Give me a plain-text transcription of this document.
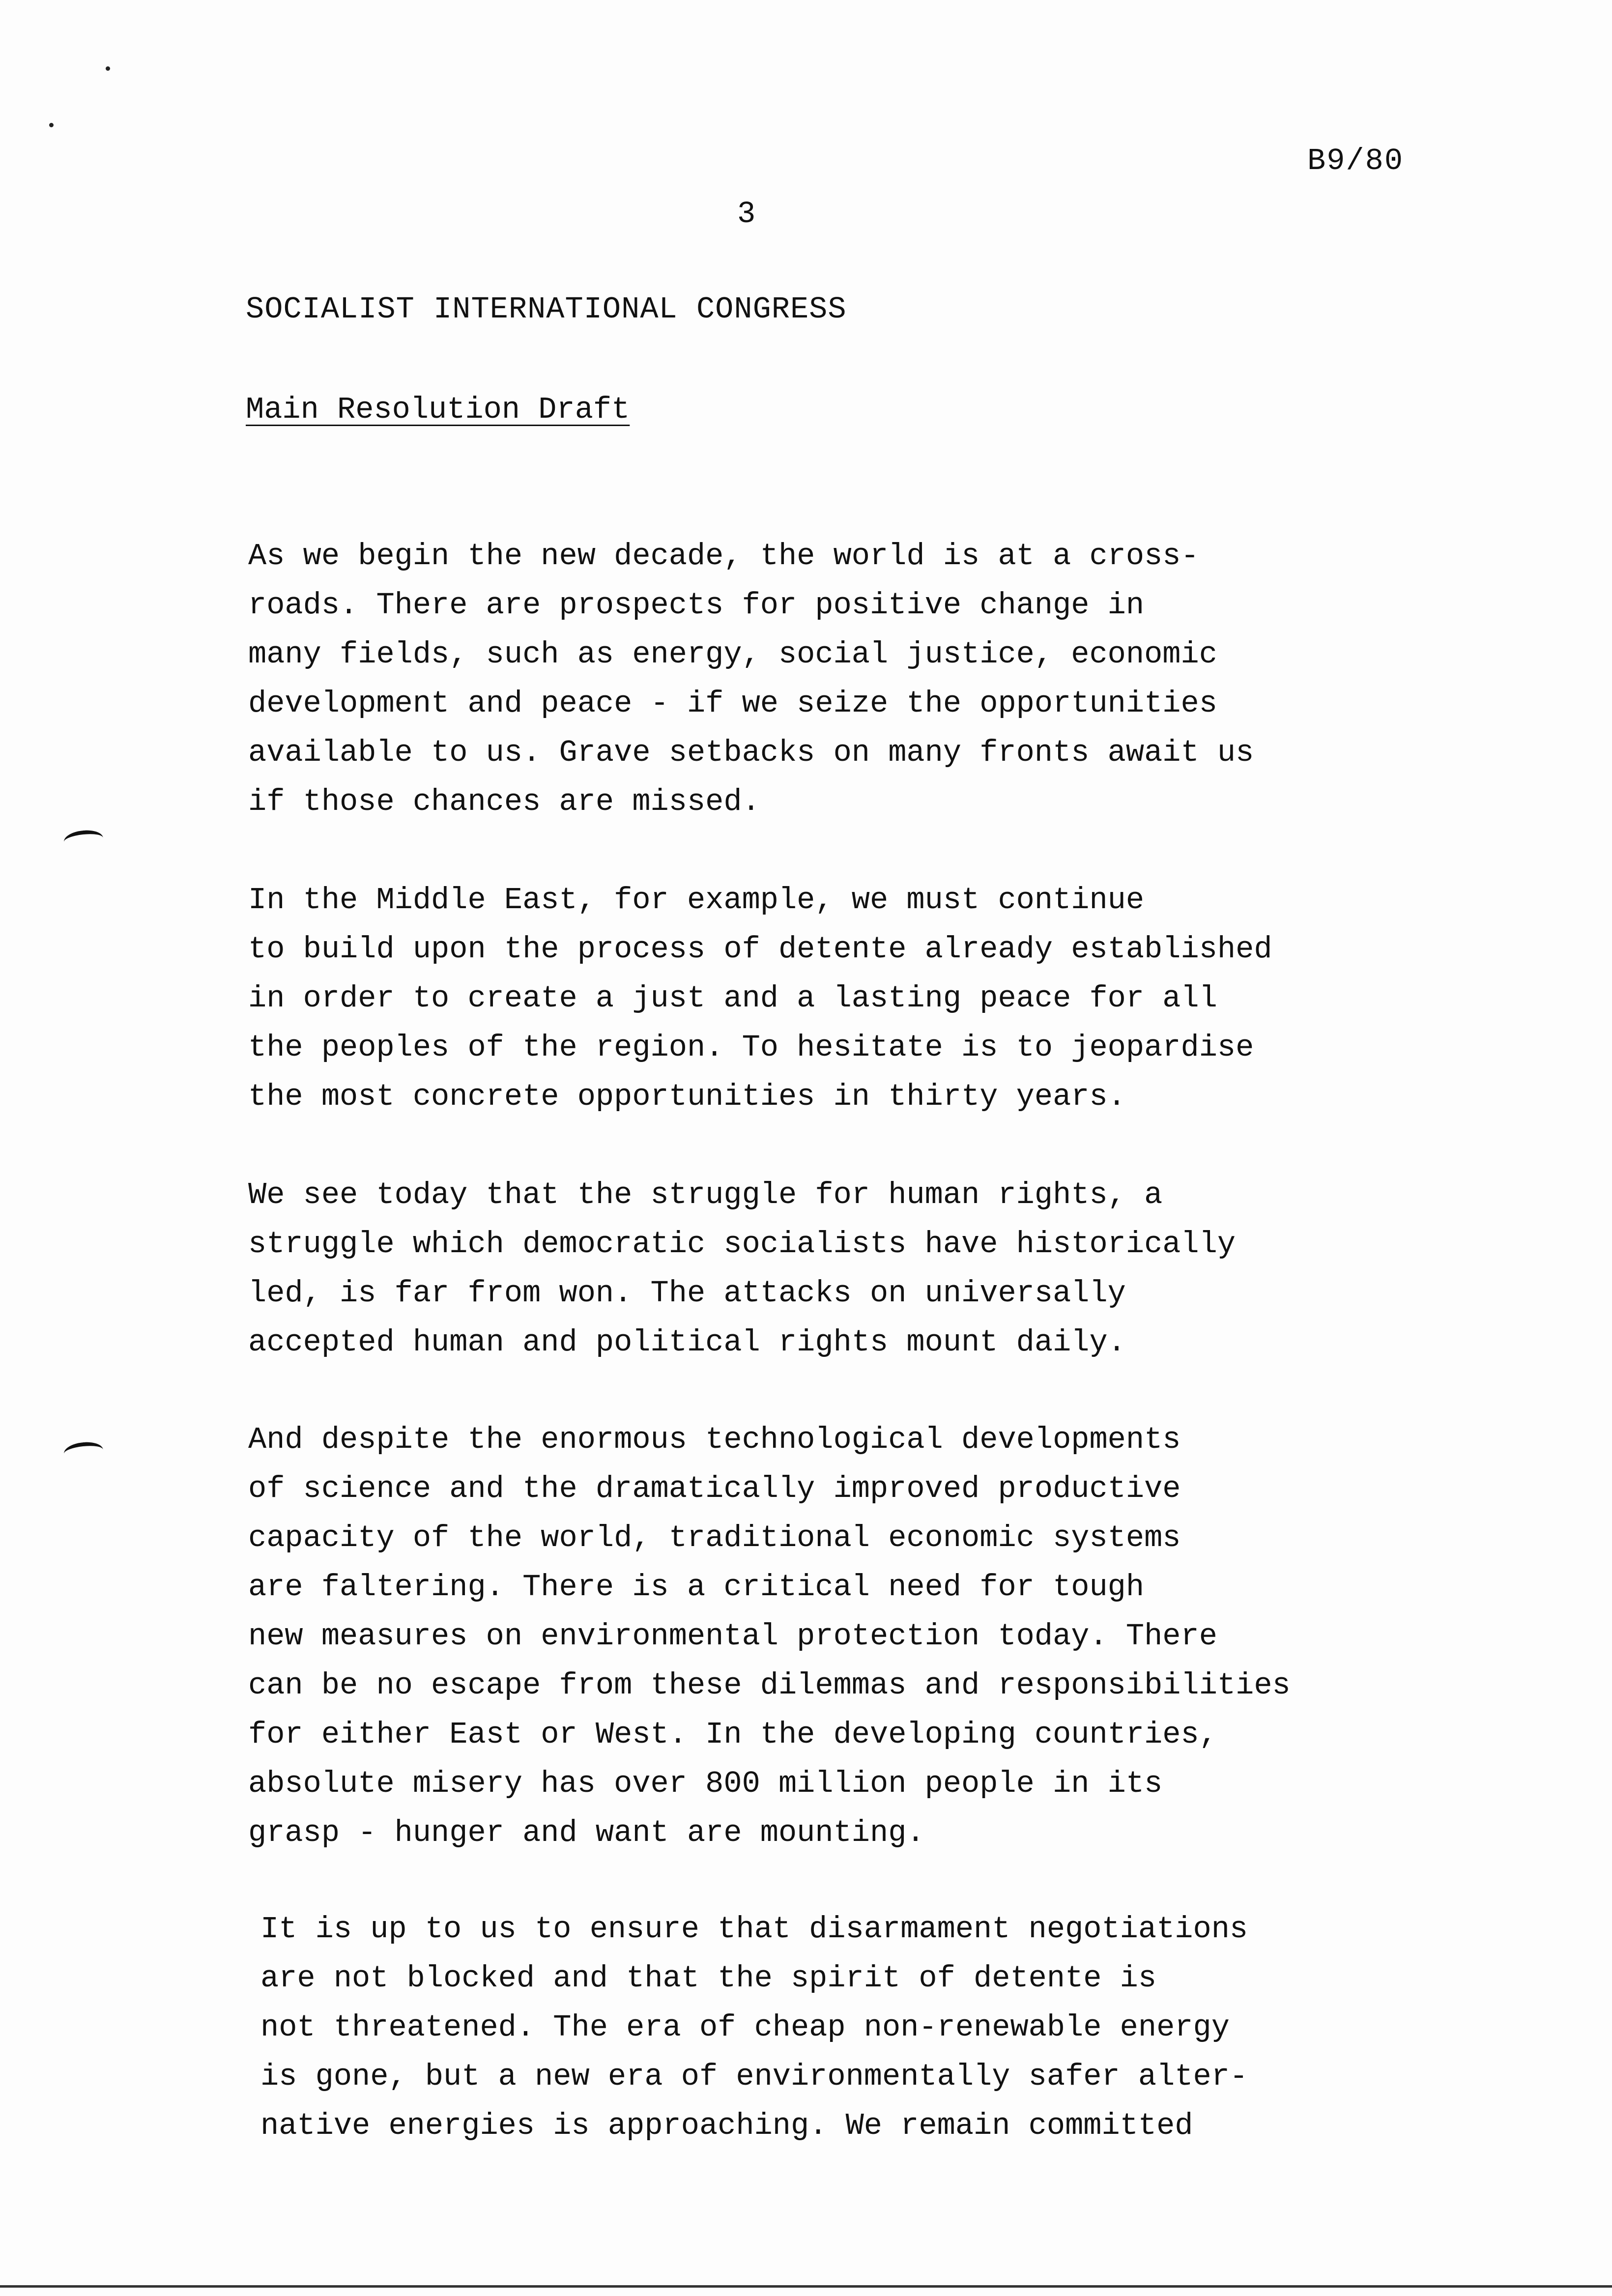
B9/80
3
SOCIALIST INTERNATIONAL CONGRESS
Main Resolution Draft

As we begin the new decade, the world is at a cross-
roads. There are prospects for positive change in
many fields, such as energy, social justice, economic
development and peace - if we seize the opportunities
available to us. Grave setbacks on many fronts await us
if those chances are missed.

In the Middle East, for example, we must continue
to build upon the process of detente already established
in order to create a just and a lasting peace for all
the peoples of the region. To hesitate is to jeopardise
the most concrete opportunities in thirty years.

We see today that the struggle for human rights, a
struggle which democratic socialists have historically
led, is far from won. The attacks on universally
accepted human and political rights mount daily.

And despite the enormous technological developments
of science and the dramatically improved productive
capacity of the world, traditional economic systems
are faltering. There is a critical need for tough
new measures on environmental protection today. There
can be no escape from these dilemmas and responsibilities
for either East or West. In the developing countries,
absolute misery has over 800 million people in its
grasp - hunger and want are mounting.

It is up to us to ensure that disarmament negotiations
are not blocked and that the spirit of detente is
not threatened. The era of cheap non-renewable energy
is gone, but a new era of environmentally safer alter-
native energies is approaching. We remain committed
